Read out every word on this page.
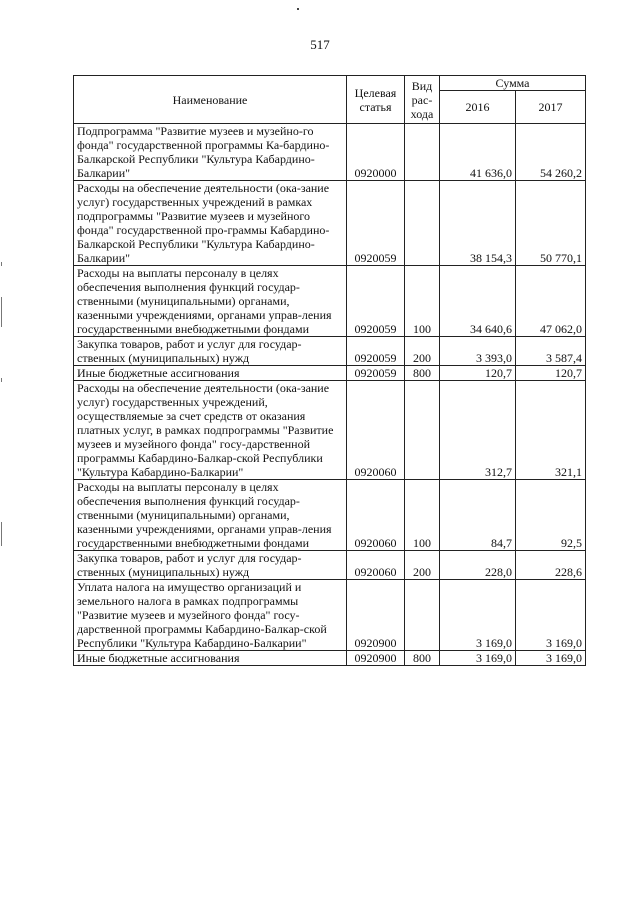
517
Наименование	Целевая статья	Вид рас-хода	Сумма	
			2016	2017
Подпрограмма "Развитие музеев и музейно-го фонда" государственной программы Ка-бардино-Балкарской Республики "Культура Кабардино-Балкарии"	0920000		41 636,0	54 260,2
Расходы на обеспечение деятельности (ока-зание услуг) государственных учреждений в рамках подпрограммы "Развитие музеев и музейного фонда" государственной про-граммы Кабардино-Балкарской Республики "Культура Кабардино-Балкарии"	0920059		38 154,3	50 770,1
Расходы на выплаты персоналу в целях обеспечения выполнения функций государ-ственными (муниципальными) органами, казенными учреждениями, органами управ-ления государственными внебюджетными фондами	0920059	100	34 640,6	47 062,0
Закупка товаров, работ и услуг для государ-ственных (муниципальных) нужд	0920059	200	3 393,0	3 587,4
Иные бюджетные ассигнования	0920059	800	120,7	120,7
Расходы на обеспечение деятельности (ока-зание услуг) государственных учреждений, осуществляемые за счет средств от оказания платных услуг, в рамках подпрограммы "Развитие музеев и музейного фонда" госу-дарственной программы Кабардино-Балкар-ской Республики "Культура Кабардино-Балкарии"	0920060		312,7	321,1
Расходы на выплаты персоналу в целях обеспечения выполнения функций государ-ственными (муниципальными) органами, казенными учреждениями, органами управ-ления государственными внебюджетными фондами	0920060	100	84,7	92,5
Закупка товаров, работ и услуг для государ-ственных (муниципальных) нужд	0920060	200	228,0	228,6
Уплата налога на имущество организаций и земельного налога в рамках подпрограммы "Развитие музеев и музейного фонда" госу-дарственной программы Кабардино-Балкар-ской Республики "Культура Кабардино-Балкарии"	0920900		3 169,0	3 169,0
Иные бюджетные ассигнования	0920900	800	3 169,0	3 169,0
